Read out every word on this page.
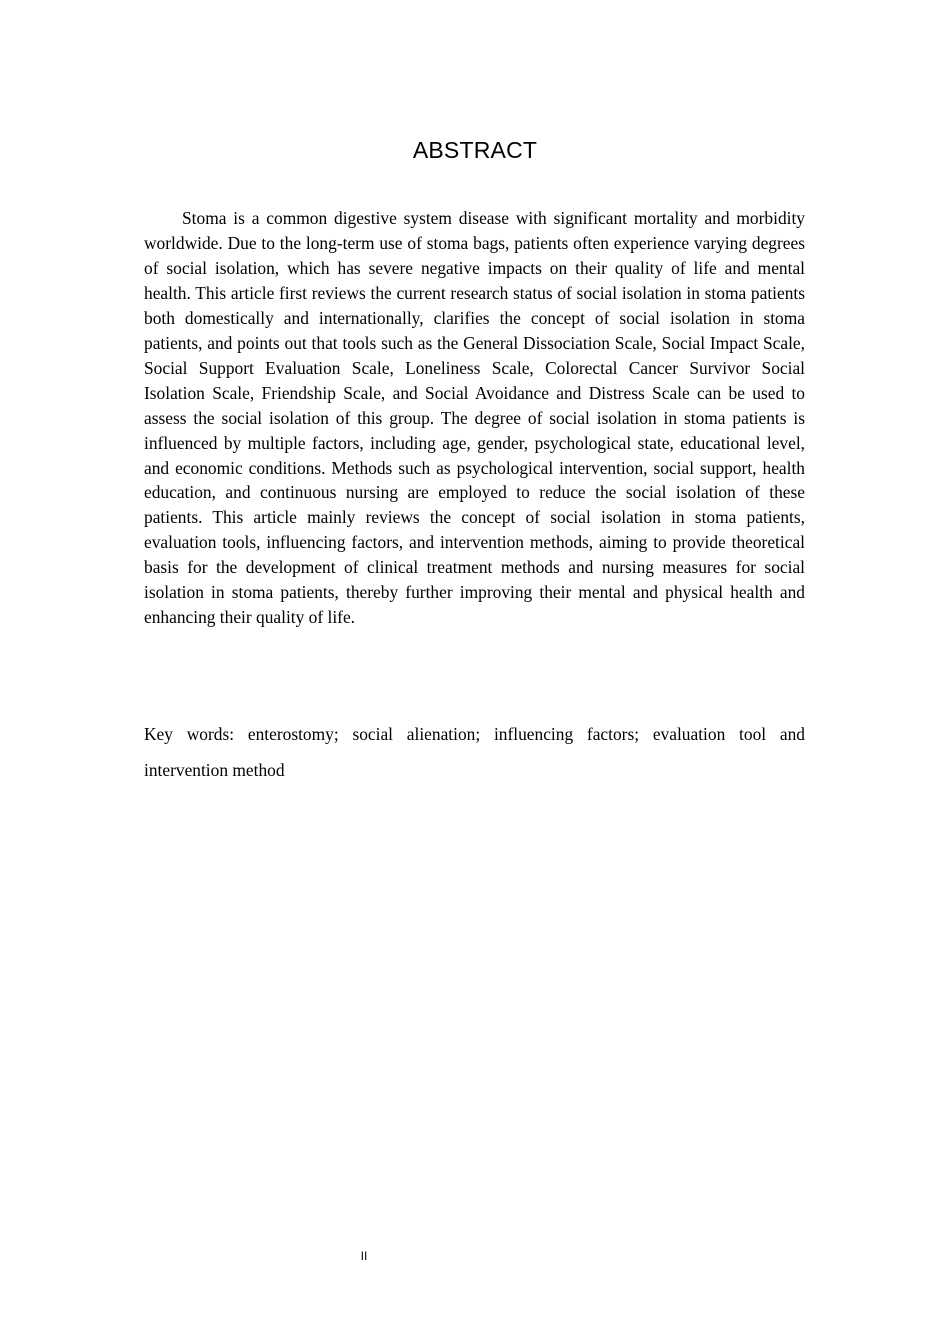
ABSTRACT

Stoma is a common digestive system disease with significant mortality and morbidity worldwide. Due to the long-term use of stoma bags, patients often experience varying degrees of social isolation, which has severe negative impacts on their quality of life and mental health. This article first reviews the current research status of social isolation in stoma patients both domestically and internationally, clarifies the concept of social isolation in stoma patients, and points out that tools such as the General Dissociation Scale, Social Impact Scale, Social Support Evaluation Scale, Loneliness Scale, Colorectal Cancer Survivor Social Isolation Scale, Friendship Scale, and Social Avoidance and Distress Scale can be used to assess the social isolation of this group. The degree of social isolation in stoma patients is influenced by multiple factors, including age, gender, psychological state, educational level, and economic conditions. Methods such as psychological intervention, social support, health education, and continuous nursing are employed to reduce the social isolation of these patients. This article mainly reviews the concept of social isolation in stoma patients, evaluation tools, influencing factors, and intervention methods, aiming to provide theoretical basis for the development of clinical treatment methods and nursing measures for social isolation in stoma patients, thereby further improving their mental and physical health and enhancing their quality of life.

Key words: enterostomy; social alienation; influencing factors; evaluation tool and intervention method

II
